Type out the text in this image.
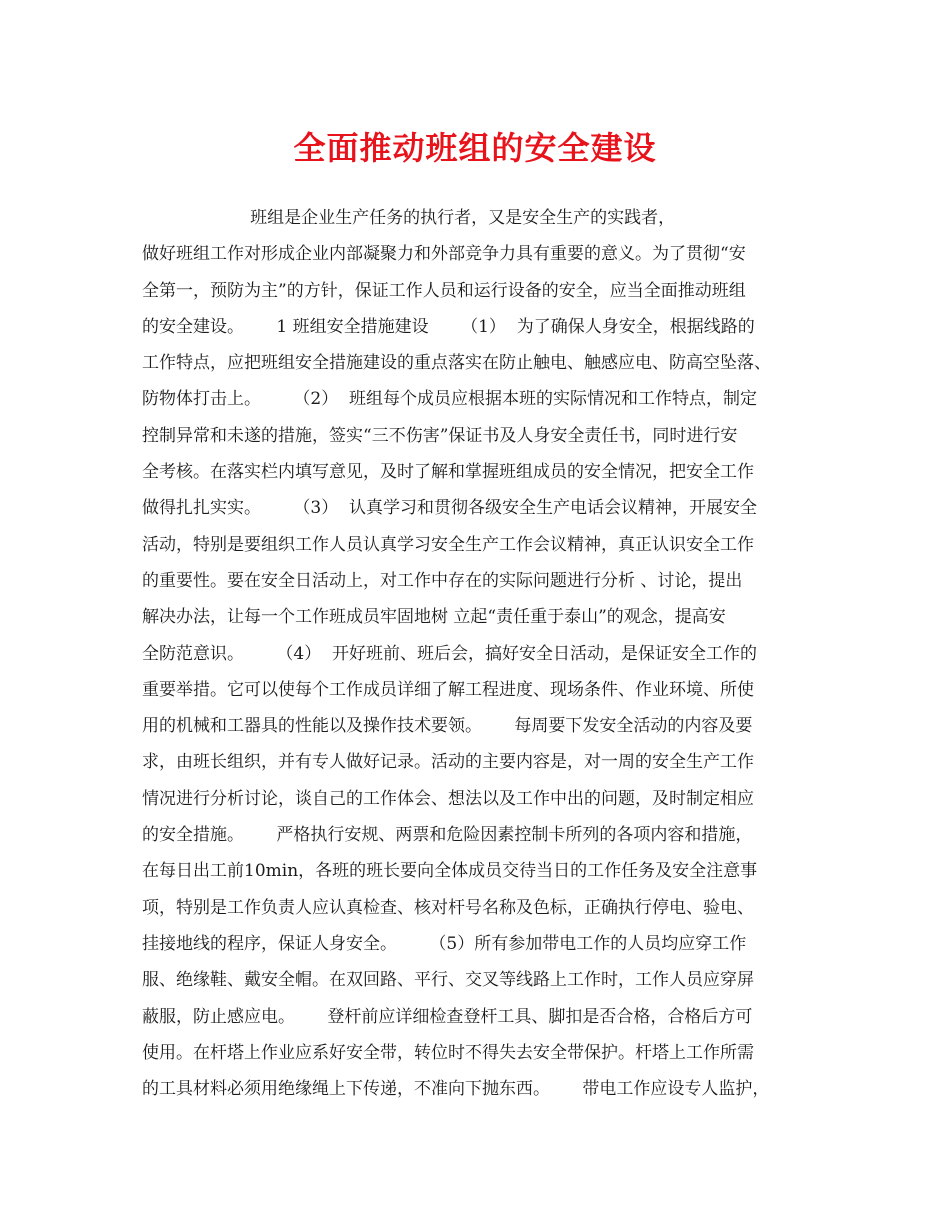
全面推动班组的安全建设
班组是企业生产任务的执行者，又是安全生产的实践者，
做好班组工作对形成企业内部凝聚力和外部竞争力具有重要的意义。为了贯彻“安
全第一，预防为主”的方针，保证工作人员和运行设备的安全，应当全面推动班组
的安全建设。      1 班组安全措施建设      （1）  为了确保人身安全，根据线路的
工作特点，应把班组安全措施建设的重点落实在防止触电、触感应电、防高空坠落、
防物体打击上。      （2）  班组每个成员应根据本班的实际情况和工作特点，制定
控制异常和未遂的措施，签实“三不伤害”保证书及人身安全责任书，同时进行安
全考核。在落实栏内填写意见，及时了解和掌握班组成员的安全情况，把安全工作
做得扎扎实实。      （3）  认真学习和贯彻各级安全生产电话会议精神，开展安全
活动，特别是要组织工作人员认真学习安全生产工作会议精神，真正认识安全工作
的重要性。要在安全日活动上，对工作中存在的实际问题进行分析 、讨论，提出
解决办法，让每一个工作班成员牢固地树 立起“责任重于泰山”的观念，提高安
全防范意识。      （4）  开好班前、班后会，搞好安全日活动，是保证安全工作的
重要举措。它可以使每个工作成员详细了解工程进度、现场条件、作业环境、所使
用的机械和工器具的性能以及操作技术要领。      每周要下发安全活动的内容及要
求，由班长组织，并有专人做好记录。活动的主要内容是，对一周的安全生产工作
情况进行分析讨论，谈自己的工作体会、想法以及工作中出的问题，及时制定相应
的安全措施。      严格执行安规、两票和危险因素控制卡所列的各项内容和措施，
在每日出工前10min，各班的班长要向全体成员交待当日的工作任务及安全注意事
项，特别是工作负责人应认真检查、核对杆号名称及色标，正确执行停电、验电、
挂接地线的程序，保证人身安全。      （5）所有参加带电工作的人员均应穿工作
服、绝缘鞋、戴安全帽。在双回路、平行、交叉等线路上工作时，工作人员应穿屏
蔽服，防止感应电。      登杆前应详细检查登杆工具、脚扣是否合格，合格后方可
使用。在杆塔上作业应系好安全带，转位时不得失去安全带保护。杆塔上工作所需
的工具材料必须用绝缘绳上下传递，不准向下抛东西。      带电工作应设专人监护，
